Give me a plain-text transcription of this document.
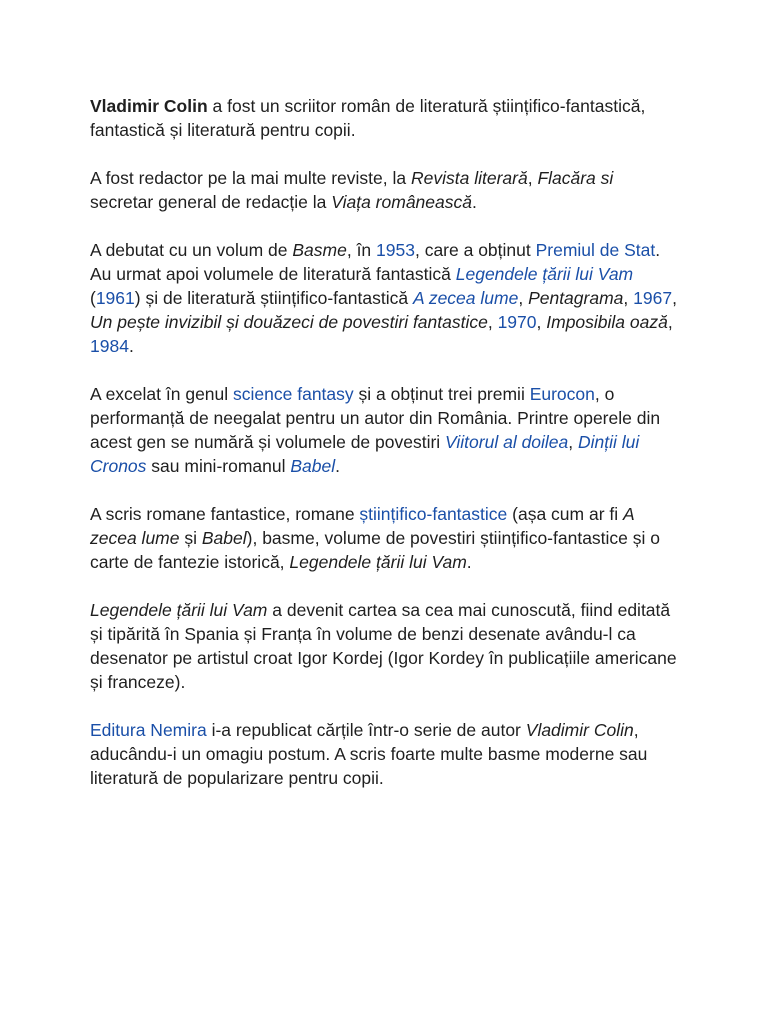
Vladimir Colin a fost un scriitor român de literatură științifico-fantastică, fantastică și literatură pentru copii.

A fost redactor pe la mai multe reviste, la Revista literară, Flacăra si secretar general de redacție la Viața românească.

A debutat cu un volum de Basme, în 1953, care a obținut Premiul de Stat. Au urmat apoi volumele de literatură fantastică Legendele țării lui Vam (1961) și de literatură științifico-fantastică A zecea lume, Pentagrama, 1967, Un pește invizibil și douăzeci de povestiri fantastice, 1970, Imposibila oază, 1984.

A excelat în genul science fantasy și a obținut trei premii Eurocon, o performanță de neegalat pentru un autor din România. Printre operele din acest gen se numără și volumele de povestiri Viitorul al doilea, Dinții lui Cronos sau mini-romanul Babel.

A scris romane fantastice, romane științifico-fantastice (așa cum ar fi A zecea lume și Babel), basme, volume de povestiri științifico-fantastice și o carte de fantezie istorică, Legendele țării lui Vam.

Legendele țării lui Vam a devenit cartea sa cea mai cunoscută, fiind editată și tipărită în Spania și Franța în volume de benzi desenate avându-l ca desenator pe artistul croat Igor Kordej (Igor Kordey în publicațiile americane și franceze).

Editura Nemira i-a republicat cărțile într-o serie de autor Vladimir Colin, aducându-i un omagiu postum. A scris foarte multe basme moderne sau literatură de popularizare pentru copii.
